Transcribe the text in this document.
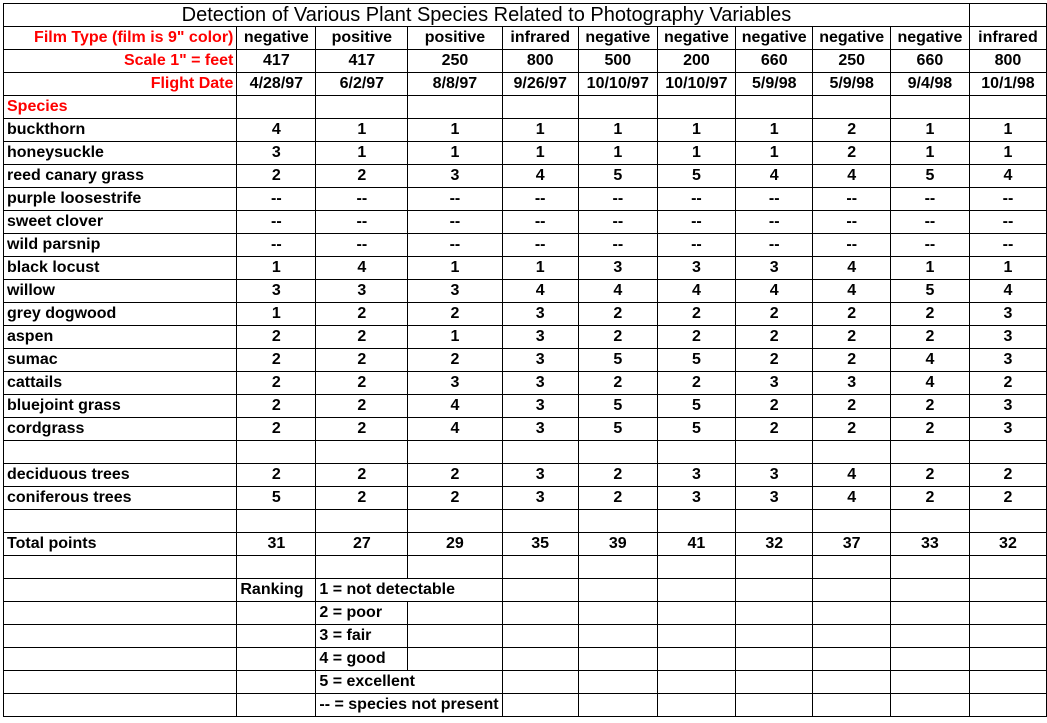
Detection of Various Plant Species Related to Photography Variables										
Film Type (film is 9" color)	negative	positive	positive	infrared	negative	negative	negative	negative	negative	infrared
Scale 1" = feet	417	417	250	800	500	200	660	250	660	800
Flight Date	4/28/97	6/2/97	8/8/97	9/26/97	10/10/97	10/10/97	5/9/98	5/9/98	9/4/98	10/1/98
Species										
buckthorn	4	1	1	1	1	1	1	2	1	1
honeysuckle	3	1	1	1	1	1	1	2	1	1
reed canary grass	2	2	3	4	5	5	4	4	5	4
purple loosestrife	--	--	--	--	--	--	--	--	--	--
sweet clover	--	--	--	--	--	--	--	--	--	--
wild parsnip	--	--	--	--	--	--	--	--	--	--
black locust	1	4	1	1	3	3	3	4	1	1
willow	3	3	3	4	4	4	4	4	5	4
grey dogwood	1	2	2	3	2	2	2	2	2	3
aspen	2	2	1	3	2	2	2	2	2	3
sumac	2	2	2	3	5	5	2	2	4	3
cattails	2	2	3	3	2	2	3	3	4	2
bluejoint grass	2	2	4	3	5	5	2	2	2	3
cordgrass	2	2	4	3	5	5	2	2	2	3

deciduous trees	2	2	2	3	2	3	3	4	2	2
coniferous trees	5	2	2	3	2	3	3	4	2	2

Total points	31	27	29	35	39	41	32	37	33	32

	Ranking	1 = not detectable								
		2 = poor								
		3 = fair								
		4 = good								
		5 = excellent								
		-- = species not present								
